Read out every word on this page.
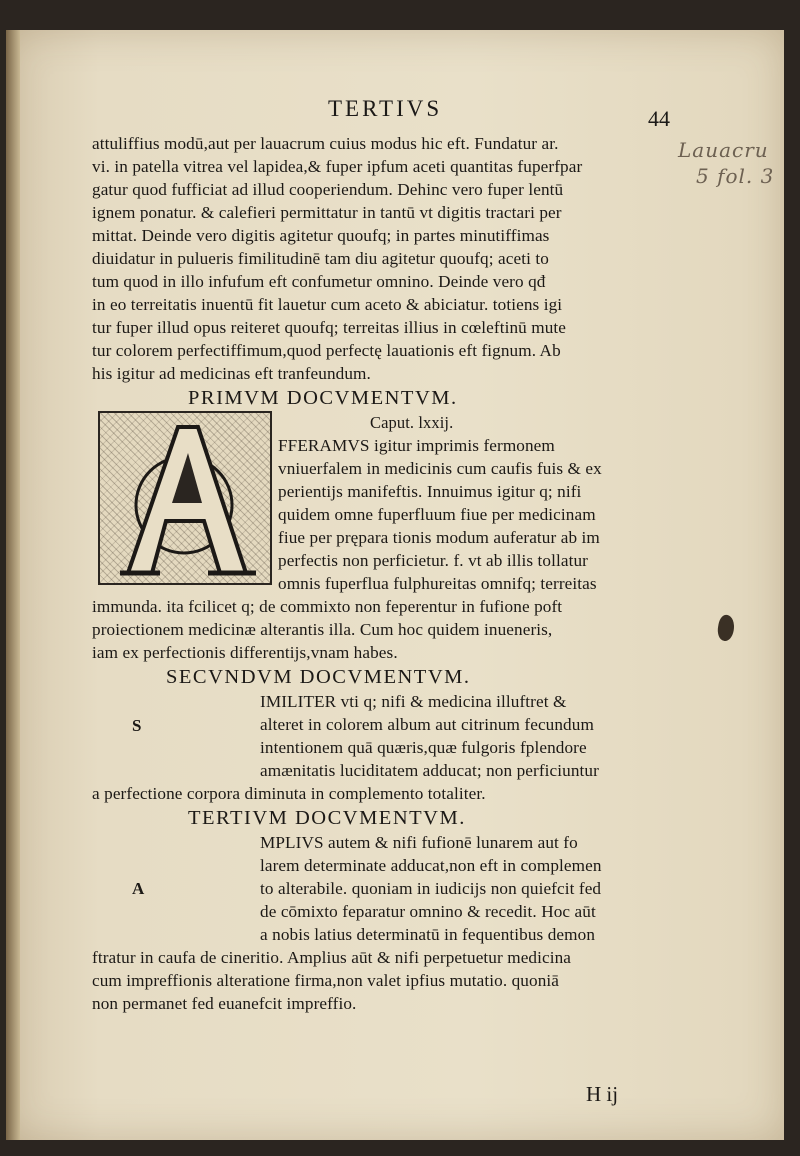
TERTIVS	44
Lauacru
5 fol. 3
attuliffius modū,aut per lauacrum cuius modus hic eft. Fundatur ar.
vi. in patella vitrea vel lapidea,& fuper ipfum aceti quantitas fuperfpar
gatur quod fufficiat ad illud cooperiendum. Dehinc vero fuper lentū
ignem ponatur. & calefieri permittatur in tantū vt digitis tractari per
mittat. Deinde vero digitis agitetur quoufq; in partes minutiffimas
diuidatur in pulueris fimilitudinē tam diu agitetur quoufq; aceti to
tum quod in illo infufum eft confumetur omnino. Deinde vero qđ
in eo terreitatis inuentū fit lauetur cum aceto & abiciatur. totiens igi
tur fuper illud opus reiteret quoufq; terreitas illius in cœleftinū mute
tur colorem perfectiffimum,quod perfectę lauationis eft fignum. Ab
his igitur ad medicinas eft tranfeundum.
PRIMVM DOCVMENTVM.
Caput. lxxij.
FFERAMVS igitur imprimis fermonem
vniuerfalem in medicinis cum caufis fuis & ex
perientijs manifeftis. Innuimus igitur q; nifi
quidem omne fuperfluum fiue per medicinam
fiue per prępara tionis modum auferatur ab im
perfectis non perficietur. f. vt ab illis tollatur
omnis fuperflua fulphureitas omnifq; terreitas
immunda. ita fcilicet q; de commixto non feperentur in fufione poft
proiectionem medicinæ alterantis illa. Cum hoc quidem inueneris,
iam ex perfectionis differentijs,vnam habes.
SECVNDVM DOCVMENTVM.
S
IMILITER vti q; nifi & medicina illuftret &
alteret in colorem album aut citrinum fecundum
intentionem quā quæris,quæ fulgoris fplendore
amænitatis luciditatem adducat; non perficiuntur
a perfectione corpora diminuta in complemento totaliter.
TERTIVM DOCVMENTVM.
A
MPLIVS autem & nifi fufionē lunarem aut fo
larem determinate adducat,non eft in complemen
to alterabile. quoniam in iudicijs non quiefcit fed
de cōmixto feparatur omnino & recedit. Hoc aūt
a nobis latius determinatū in fequentibus demon
ftratur in caufa de cineritio. Amplius aūt & nifi perpetuetur medicina
cum impreffionis alteratione firma,non valet ipfius mutatio. quoniā
non permanet fed euanefcit impreffio.
H ij
